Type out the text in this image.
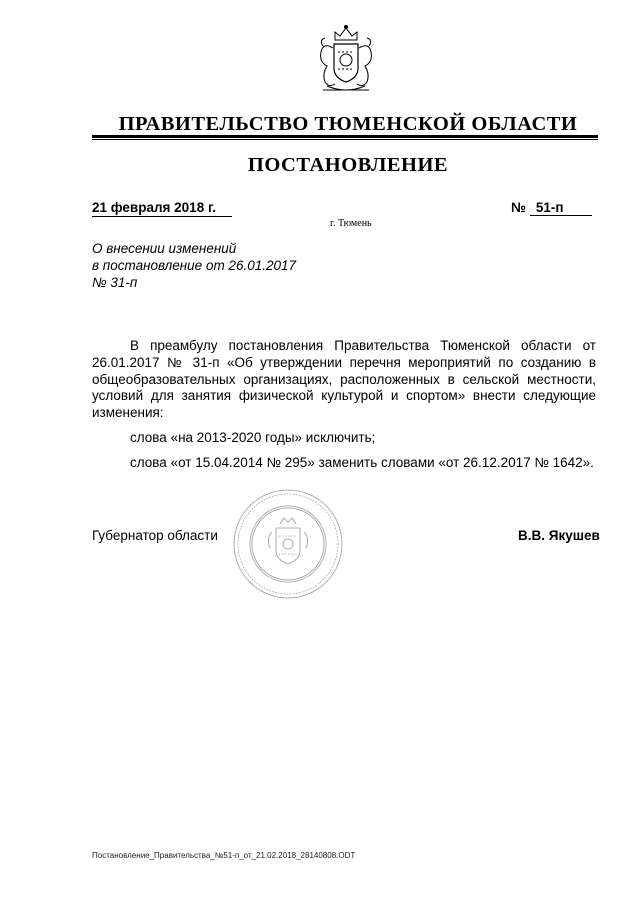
ПРАВИТЕЛЬСТВО ТЮМЕНСКОЙ ОБЛАСТИ
ПОСТАНОВЛЕНИЕ
21 февраля 2018 г.	№ 51-п
г. Тюмень
О внесении изменений
в постановление от 26.01.2017
№ 31-п

В преамбулу постановления Правительства Тюменской области от 26.01.2017 № 31-п «Об утверждении перечня мероприятий по созданию в общеобразовательных организациях, расположенных в сельской местности, условий для занятия физической культурой и спортом» внести следующие изменения:

слова «на 2013-2020 годы» исключить;

слова «от 15.04.2014 № 295» заменить словами «от 26.12.2017 № 1642».

Губернатор области	В.В. Якушев
Постановление_Правительства_№51-п_от_21.02.2018_28140808.ODT
